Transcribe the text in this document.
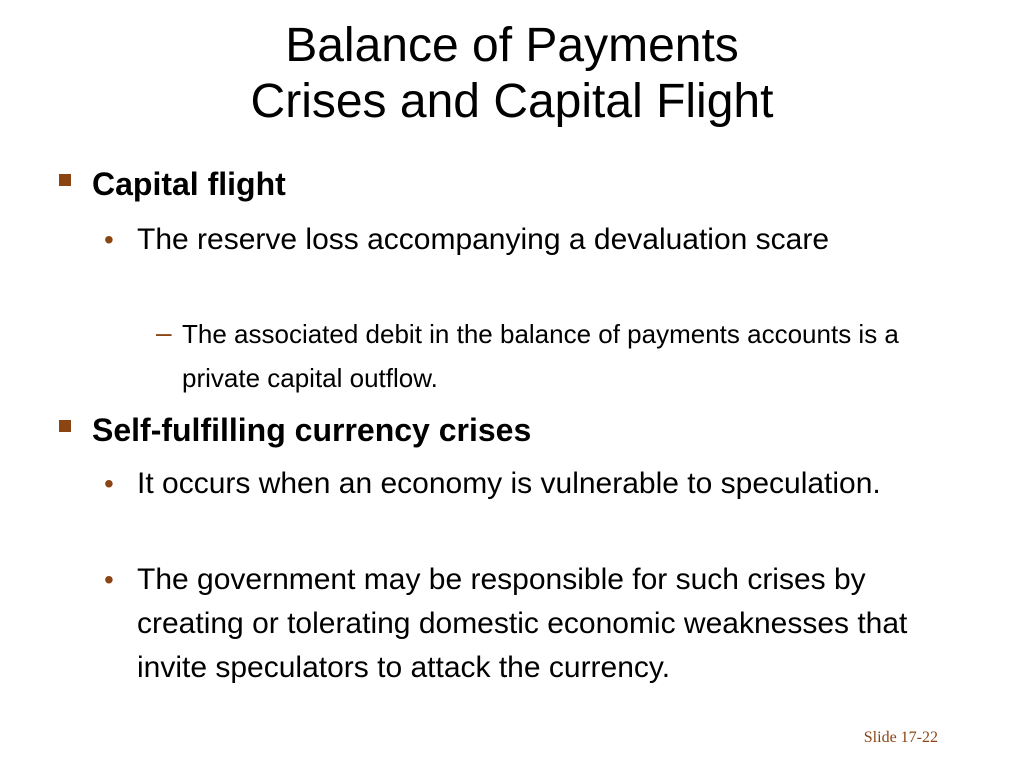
Balance of Payments
Crises and Capital Flight

Capital flight

• The reserve loss accompanying a devaluation scare

– The associated debit in the balance of payments accounts is a private capital outflow.

Self-fulfilling currency crises

• It occurs when an economy is vulnerable to speculation.

• The government may be responsible for such crises by creating or tolerating domestic economic weaknesses that invite speculators to attack the currency.

Slide 17-22
